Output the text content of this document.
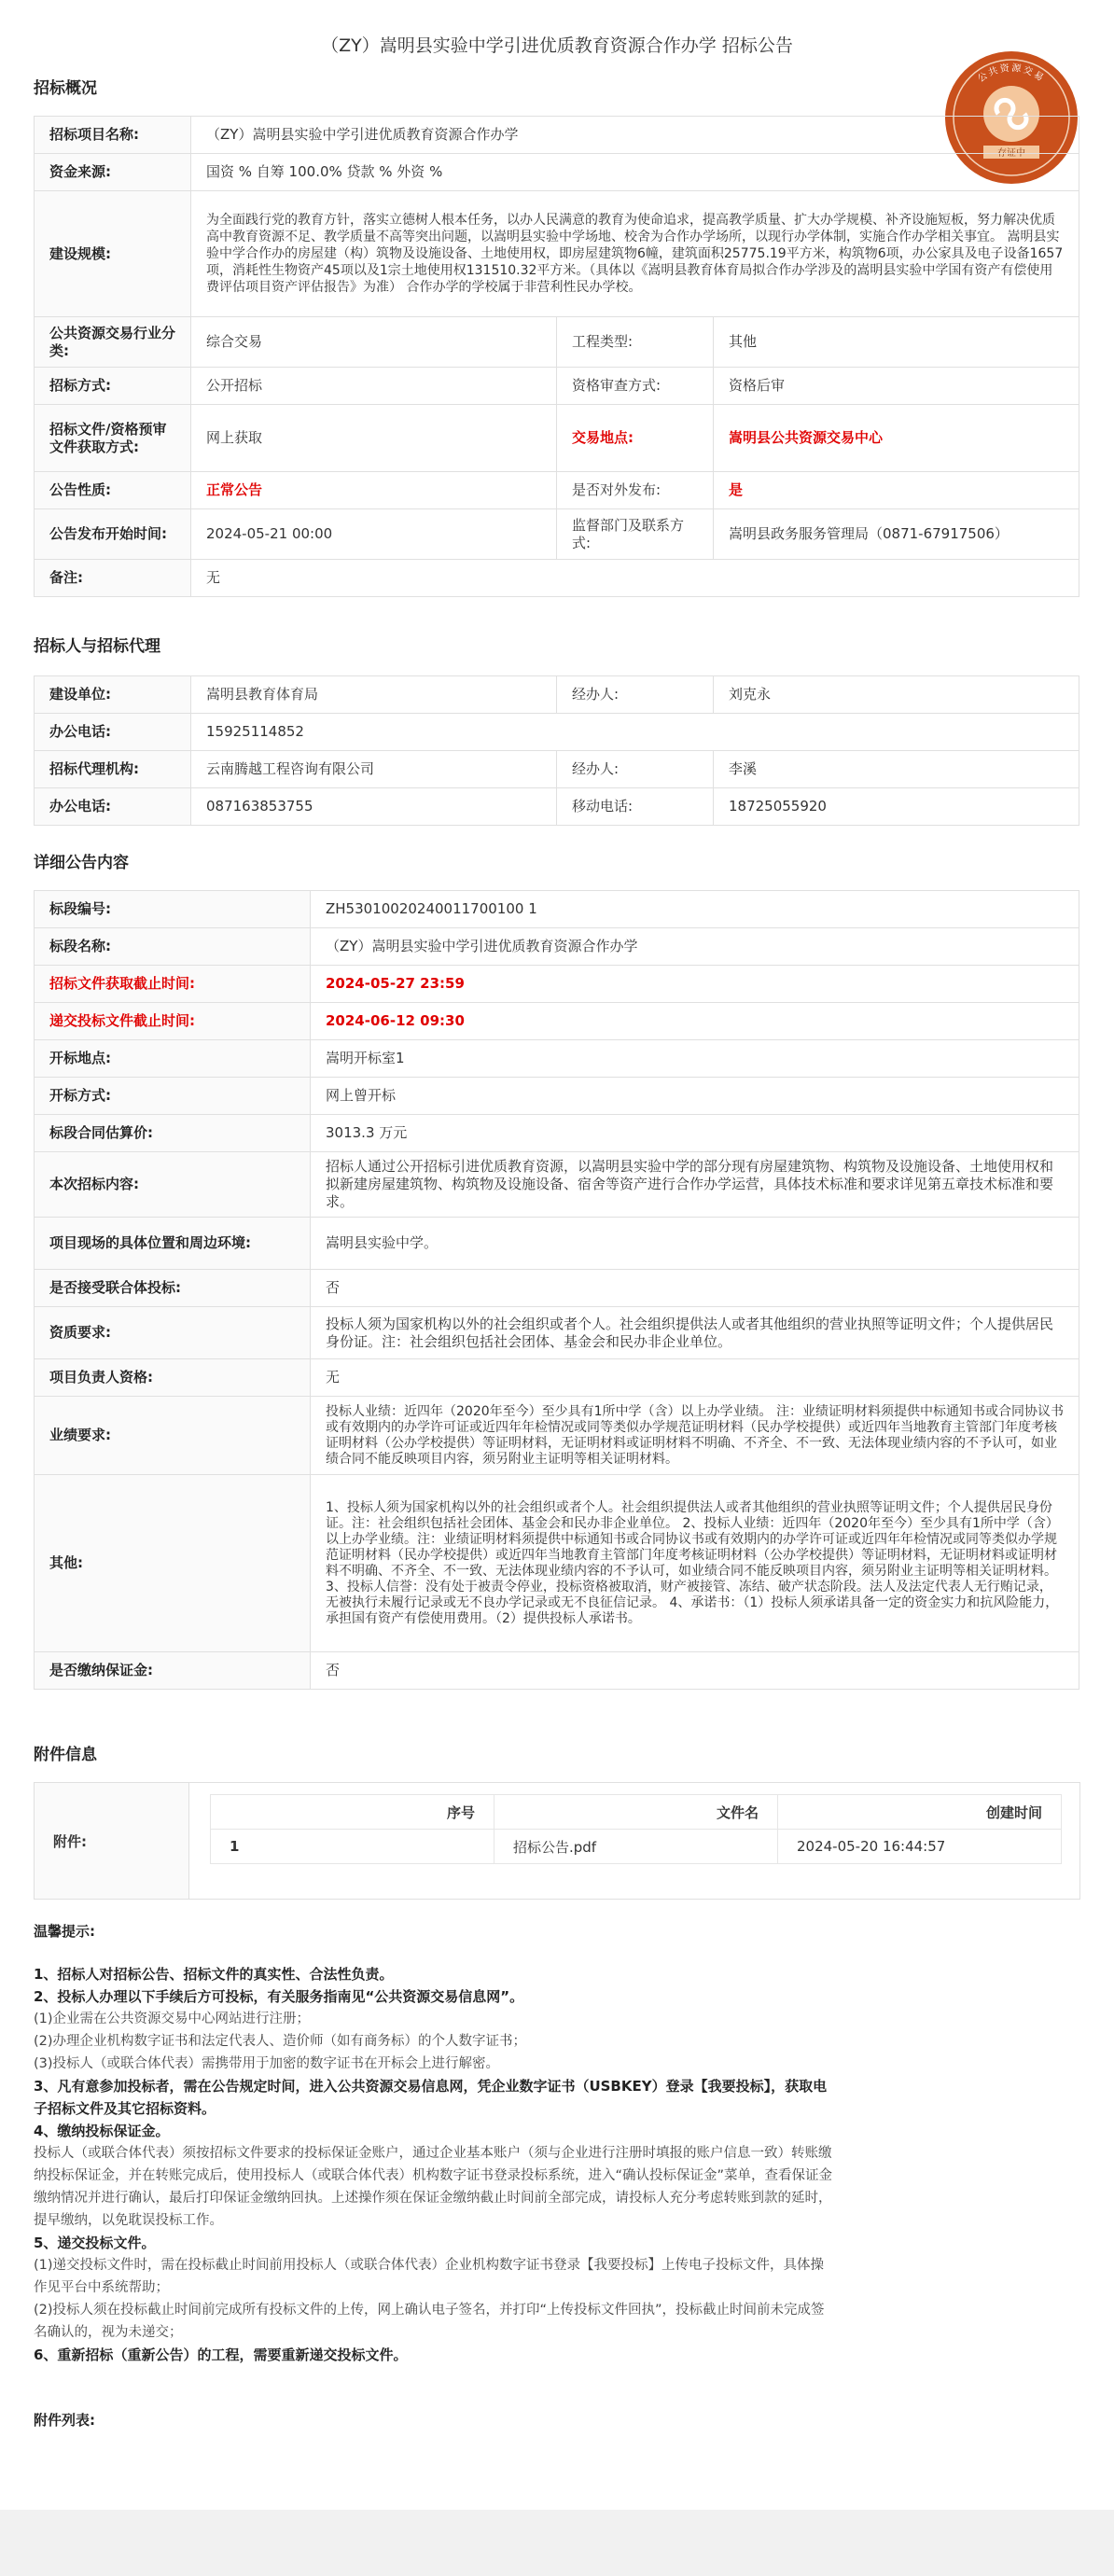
（ZY）嵩明县实验中学引进优质教育资源合作办学 招标公告
公共资源交易
存证中
招标概况
招标项目名称:	（ZY）嵩明县实验中学引进优质教育资源合作办学		
资金来源:	国资 % 自筹 100.0% 贷款 % 外资 %		
建设规模:	为全面践行党的教育方针，落实立德树人根本任务，以办人民满意的教育为使命追求，提高教学质量、扩大办学规模、补齐设施短板，努力解决优质高中教育资源不足、教学质量不高等突出问题，以嵩明县实验中学场地、校舍为合作办学场所，以现行办学体制，实施合作办学相关事宜。 嵩明县实验中学合作办的房屋建（构）筑物及设施设备、土地使用权，即房屋建筑物6幢，建筑面积25775.19平方米，构筑物6项，办公家具及电子设备1657项，消耗性生物资产45项以及1宗土地使用权131510.32平方米。（具体以《嵩明县教育体育局拟合作办学涉及的嵩明县实验中学国有资产有偿使用费评估项目资产评估报告》为准） 合作办学的学校属于非营利性民办学校。		
公共资源交易行业分类:	综合交易	工程类型:	其他
招标方式:	公开招标	资格审查方式:	资格后审
招标文件/资格预审文件获取方式:	网上获取	交易地点:	嵩明县公共资源交易中心
公告性质:	正常公告	是否对外发布:	是
公告发布开始时间:	2024-05-21 00:00	监督部门及联系方式:	嵩明县政务服务管理局（0871-67917506）
备注:	无		
招标人与招标代理
建设单位:	嵩明县教育体育局	经办人:	刘克永
办公电话:	15925114852		
招标代理机构:	云南腾越工程咨询有限公司	经办人:	李溪
办公电话:	087163853755	移动电话:	18725055920
详细公告内容
标段编号:	ZH53010020240011700100 1
标段名称:	（ZY）嵩明县实验中学引进优质教育资源合作办学
招标文件获取截止时间:	2024-05-27 23:59
递交投标文件截止时间:	2024-06-12 09:30
开标地点:	嵩明开标室1
开标方式:	网上曾开标
标段合同估算价:	3013.3 万元
本次招标内容:	招标人通过公开招标引进优质教育资源，以嵩明县实验中学的部分现有房屋建筑物、构筑物及设施设备、土地使用权和拟新建房屋建筑物、构筑物及设施设备、宿舍等资产进行合作办学运营，具体技术标准和要求详见第五章技术标准和要求。
项目现场的具体位置和周边环境:	嵩明县实验中学。
是否接受联合体投标:	否
资质要求:	投标人须为国家机构以外的社会组织或者个人。社会组织提供法人或者其他组织的营业执照等证明文件；个人提供居民身份证。注：社会组织包括社会团体、基金会和民办非企业单位。
项目负责人资格:	无
业绩要求:	投标人业绩：近四年（2020年至今）至少具有1所中学（含）以上办学业绩。 注：业绩证明材料须提供中标通知书或合同协议书或有效期内的办学许可证或近四年年检情况或同等类似办学规范证明材料（民办学校提供）或近四年当地教育主管部门年度考核证明材料（公办学校提供）等证明材料，无证明材料或证明材料不明确、不齐全、不一致、无法体现业绩内容的不予认可，如业绩合同不能反映项目内容，须另附业主证明等相关证明材料。
其他:	1、投标人须为国家机构以外的社会组织或者个人。社会组织提供法人或者其他组织的营业执照等证明文件；个人提供居民身份证。注：社会组织包括社会团体、基金会和民办非企业单位。 2、投标人业绩：近四年（2020年至今）至少具有1所中学（含）以上办学业绩。注：业绩证明材料须提供中标通知书或合同协议书或有效期内的办学许可证或近四年年检情况或同等类似办学规范证明材料（民办学校提供）或近四年当地教育主管部门年度考核证明材料（公办学校提供）等证明材料，无证明材料或证明材料不明确、不齐全、不一致、无法体现业绩内容的不予认可，如业绩合同不能反映项目内容，须另附业主证明等相关证明材料。 3、投标人信誉：没有处于被责令停业，投标资格被取消，财产被接管、冻结、破产状态阶段。法人及法定代表人无行贿记录，无被执行未履行记录或无不良办学记录或无不良征信记录。 4、承诺书：（1）投标人须承诺具备一定的资金实力和抗风险能力，承担国有资产有偿使用费用。（2）提供投标人承诺书。
是否缴纳保证金:	否
附件信息
附件:
序号	文件名	创建时间
1	招标公告.pdf	2024-05-20 16:44:57

温馨提示:

1、招标人对招标公告、招标文件的真实性、合法性负责。

2、投标人办理以下手续后方可投标，有关服务指南见“公共资源交易信息网”。

(1)企业需在公共资源交易中心网站进行注册；

(2)办理企业机构数字证书和法定代表人、造价师（如有商务标）的个人数字证书；

(3)投标人（或联合体代表）需携带用于加密的数字证书在开标会上进行解密。

3、凡有意参加投标者，需在公告规定时间，进入公共资源交易信息网，凭企业数字证书（USBKEY）登录【我要投标】，获取电子招标文件及其它招标资料。

4、缴纳投标保证金。

投标人（或联合体代表）须按招标文件要求的投标保证金账户，通过企业基本账户（须与企业进行注册时填报的账户信息一致）转账缴纳投标保证金，并在转账完成后，使用投标人（或联合体代表）机构数字证书登录投标系统，进入“确认投标保证金”菜单，查看保证金缴纳情况并进行确认，最后打印保证金缴纳回执。上述操作须在保证金缴纳截止时间前全部完成，请投标人充分考虑转账到款的延时，提早缴纳，以免耽误投标工作。

5、递交投标文件。

(1)递交投标文件时，需在投标截止时间前用投标人（或联合体代表）企业机构数字证书登录【我要投标】上传电子投标文件，具体操作见平台中系统帮助；

(2)投标人须在投标截止时间前完成所有投标文件的上传，网上确认电子签名，并打印“上传投标文件回执”，投标截止时间前未完成签名确认的，视为未递交；

6、重新招标（重新公告）的工程，需要重新递交投标文件。

附件列表:
